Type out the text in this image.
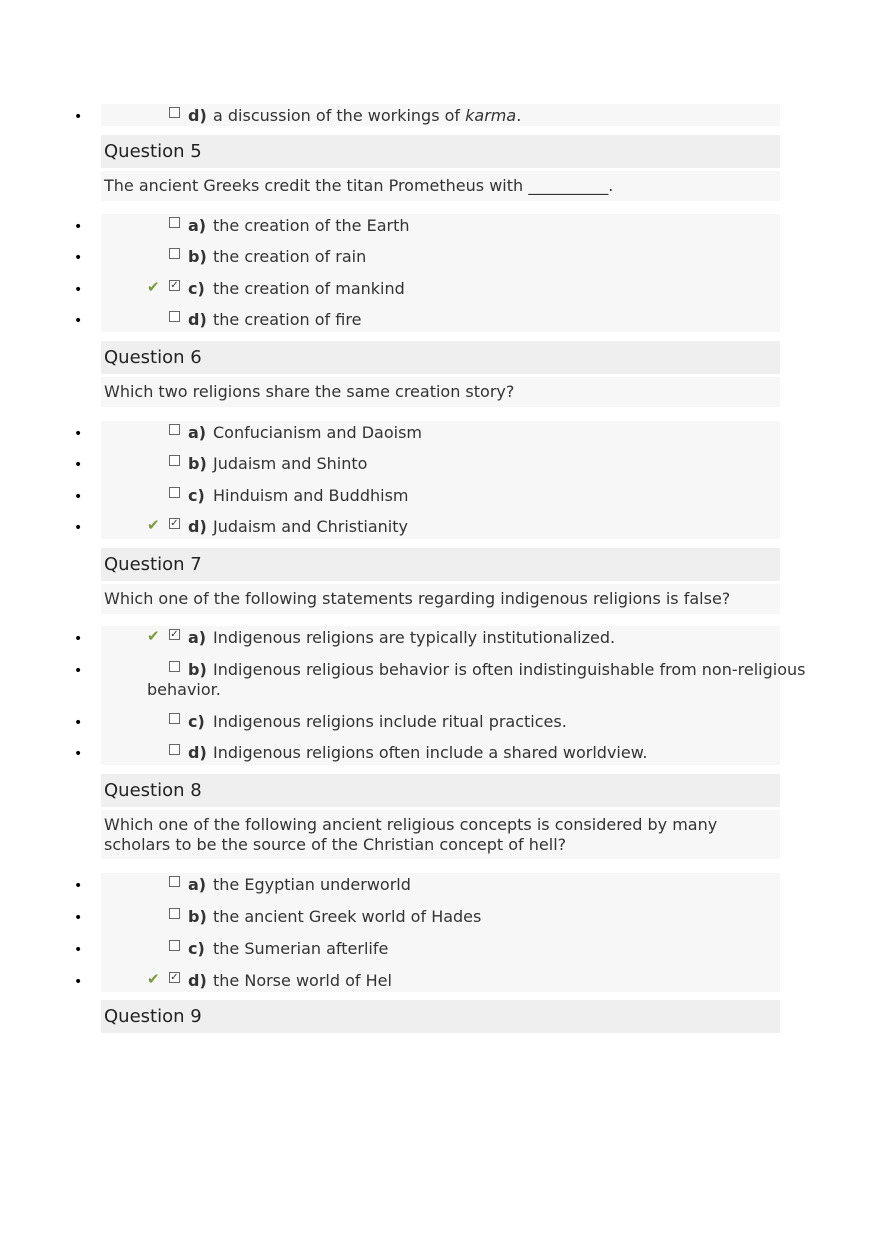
•	d) a discussion of the workings of karma.
Question 5
The ancient Greeks credit the titan Prometheus with __________.
•	a) the creation of the Earth
•	b) the creation of rain
•	✔ ✓ c) the creation of mankind
•	d) the creation of fire
Question 6
Which two religions share the same creation story?
•	a) Confucianism and Daoism
•	b) Judaism and Shinto
•	c) Hinduism and Buddhism
•	✔ ✓ d) Judaism and Christianity
Question 7
Which one of the following statements regarding indigenous religions is false?
•	✔ ✓ a) Indigenous religions are typically institutionalized.
•	b) Indigenous religious behavior is often indistinguishable from non-religious
behavior.
•	c) Indigenous religions include ritual practices.
•	d) Indigenous religions often include a shared worldview.
Question 8
Which one of the following ancient religious concepts is considered by many scholars to be the source of the Christian concept of hell?
•	a) the Egyptian underworld
•	b) the ancient Greek world of Hades
•	c) the Sumerian afterlife
•	✔ ✓ d) the Norse world of Hel
Question 9
